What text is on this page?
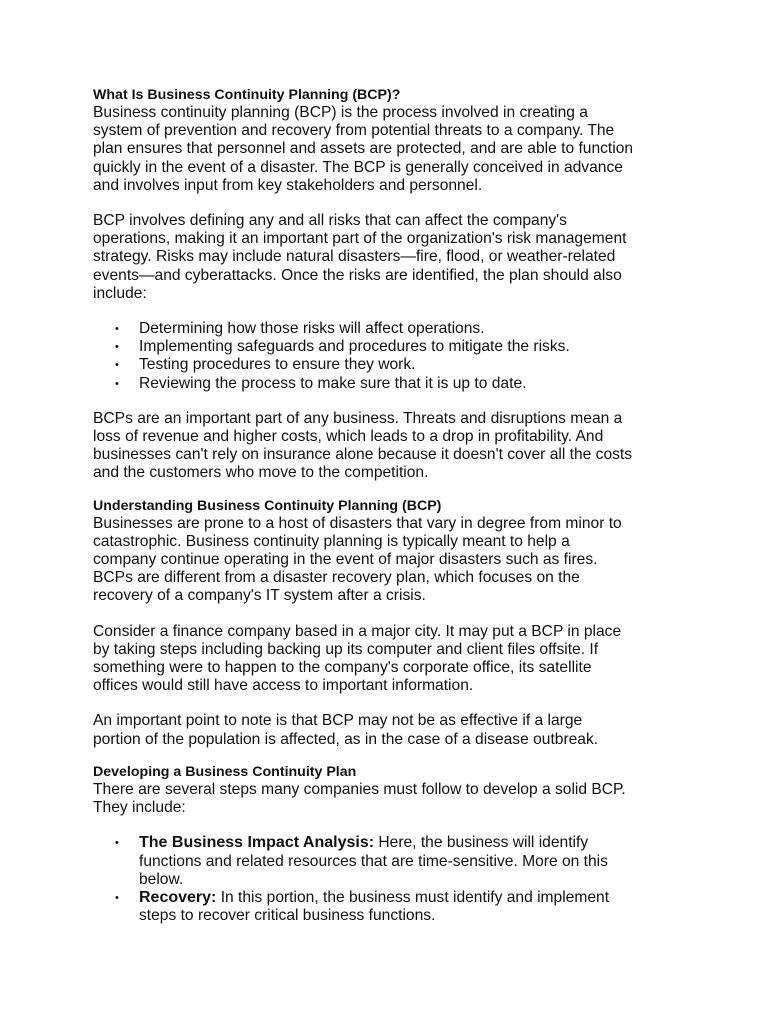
What Is Business Continuity Planning (BCP)?
Business continuity planning (BCP) is the process involved in creating a
system of prevention and recovery from potential threats to a company. The
plan ensures that personnel and assets are protected, and are able to function
quickly in the event of a disaster. The BCP is generally conceived in advance
and involves input from key stakeholders and personnel.
BCP involves defining any and all risks that can affect the company's
operations, making it an important part of the organization's risk management
strategy. Risks may include natural disasters—fire, flood, or weather-related
events—and cyberattacks. Once the risks are identified, the plan should also
include:
• Determining how those risks will affect operations.
• Implementing safeguards and procedures to mitigate the risks.
• Testing procedures to ensure they work.
• Reviewing the process to make sure that it is up to date.
BCPs are an important part of any business. Threats and disruptions mean a
loss of revenue and higher costs, which leads to a drop in profitability. And
businesses can't rely on insurance alone because it doesn't cover all the costs
and the customers who move to the competition.
Understanding Business Continuity Planning (BCP)
Businesses are prone to a host of disasters that vary in degree from minor to
catastrophic. Business continuity planning is typically meant to help a
company continue operating in the event of major disasters such as fires.
BCPs are different from a disaster recovery plan, which focuses on the
recovery of a company's IT system after a crisis.
Consider a finance company based in a major city. It may put a BCP in place
by taking steps including backing up its computer and client files offsite. If
something were to happen to the company's corporate office, its satellite
offices would still have access to important information.
An important point to note is that BCP may not be as effective if a large
portion of the population is affected, as in the case of a disease outbreak.
Developing a Business Continuity Plan
There are several steps many companies must follow to develop a solid BCP.
They include:
• The Business Impact Analysis: Here, the business will identify
functions and related resources that are time-sensitive. More on this
below.
• Recovery: In this portion, the business must identify and implement
steps to recover critical business functions.
